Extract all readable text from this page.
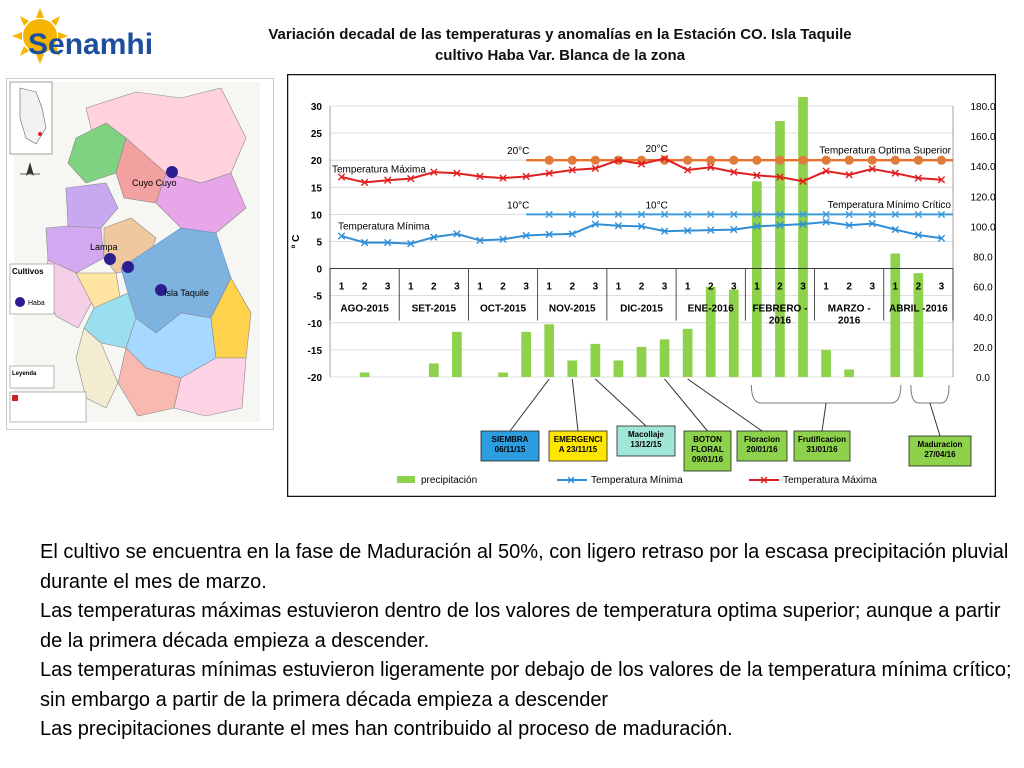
Senamhi	Variación decadal de las temperaturas y anomalías en la Estación CO. Isla Taquile
cultivo Haba Var. Blanca de la zona
Cuyo Cuyo
Lampa
Isla Taquile
Cultivos
Haba
Leyenda	-20
-15
-10
-5
0
5
10
15
20
25
30
0.0
20.0
40.0
60.0
80.0
100.0
120.0
140.0
160.0
180.0
º C
1 2 3 1 2 3 1 2 3 1 2 3 1 2 3 1 2 3 1 2 3 1 2 3 1 2 3
AGO-2015 SET-2015 OCT-2015 NOV-2015 DIC-2015 ENE-2016 FEBRERO -2016
MARZO -2016
ABRIL -2016
20°C	20°C
10°C	10°C
Temperatura Máxima
Temperatura Mínima
Temperatura Optima Superior
Temperatura Mínimo Crítico
SIEMBRA
06/11/15
EMERGENCI
A 23/11/15
Macollaje
13/12/15
BOTON
FLORAL
09/01/16
Floracion
20/01/16
Frutificacion
31/01/16
Maduracion
27/04/16
precipitación	Temperatura Mínima	Temperatura Máxima

El cultivo se encuentra en la fase de Maduración al 50%, con ligero retraso por la escasa precipitación pluvial durante el mes de marzo.

Las temperaturas máximas estuvieron dentro de los valores de temperatura optima superior; aunque a partir de la primera década empieza a descender.

Las temperaturas mínimas estuvieron ligeramente por debajo de los valores de la temperatura mínima crítico; sin embargo a partir de la primera década empieza a descender

Las precipitaciones durante el mes han contribuido al proceso de maduración.
